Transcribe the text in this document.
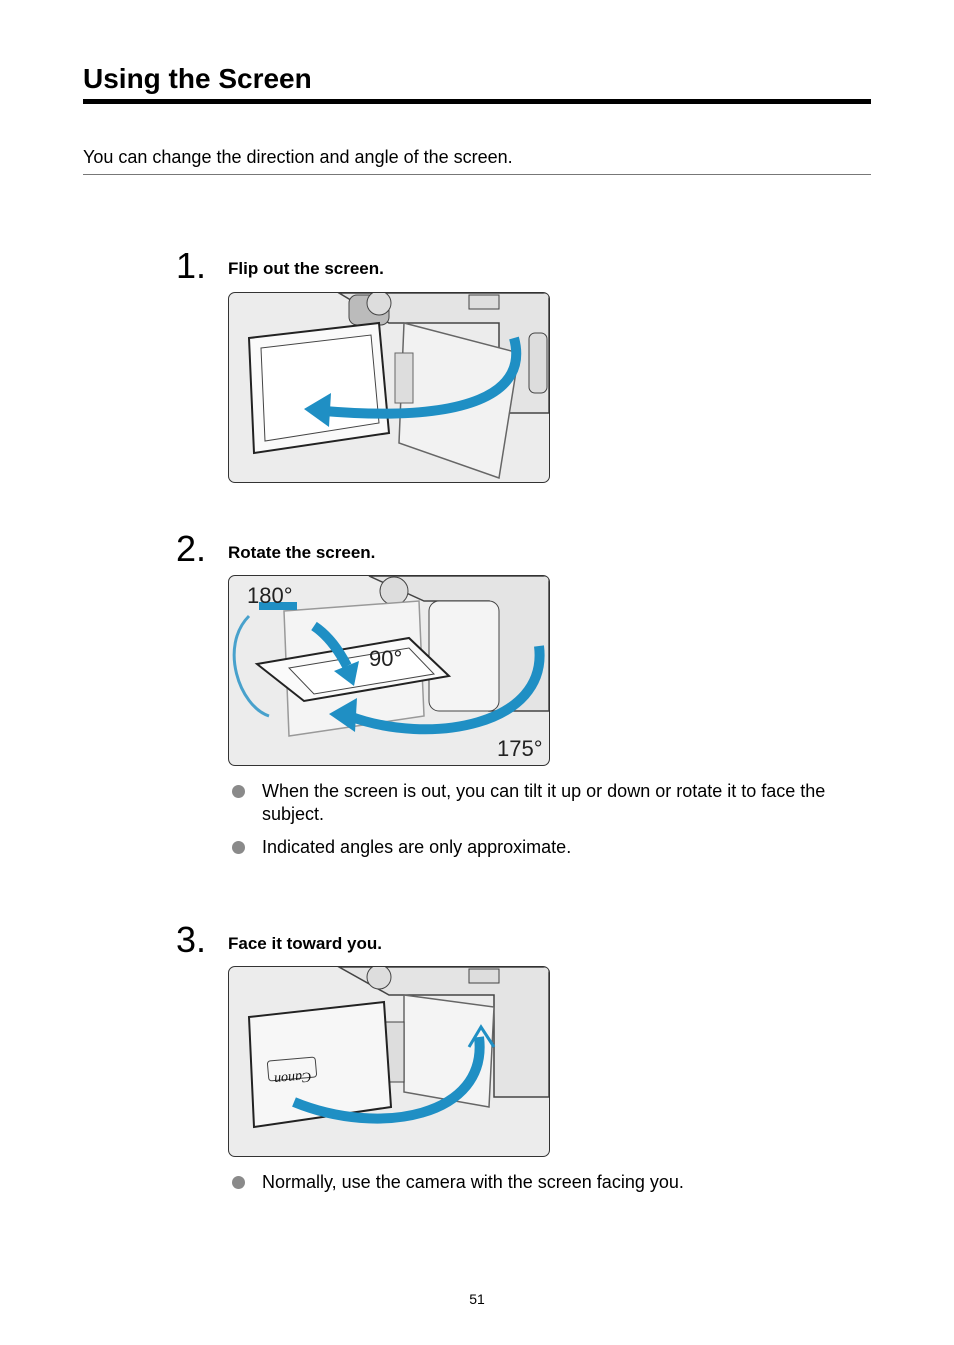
Using the Screen
You can change the direction and angle of the screen.
1. Flip out the screen.
2. Rotate the screen.
180°
90°
175°
When the screen is out, you can tilt it up or down or rotate it to face the subject.
Indicated angles are only approximate.
3. Face it toward you.
Canon
Normally, use the camera with the screen facing you.
51
